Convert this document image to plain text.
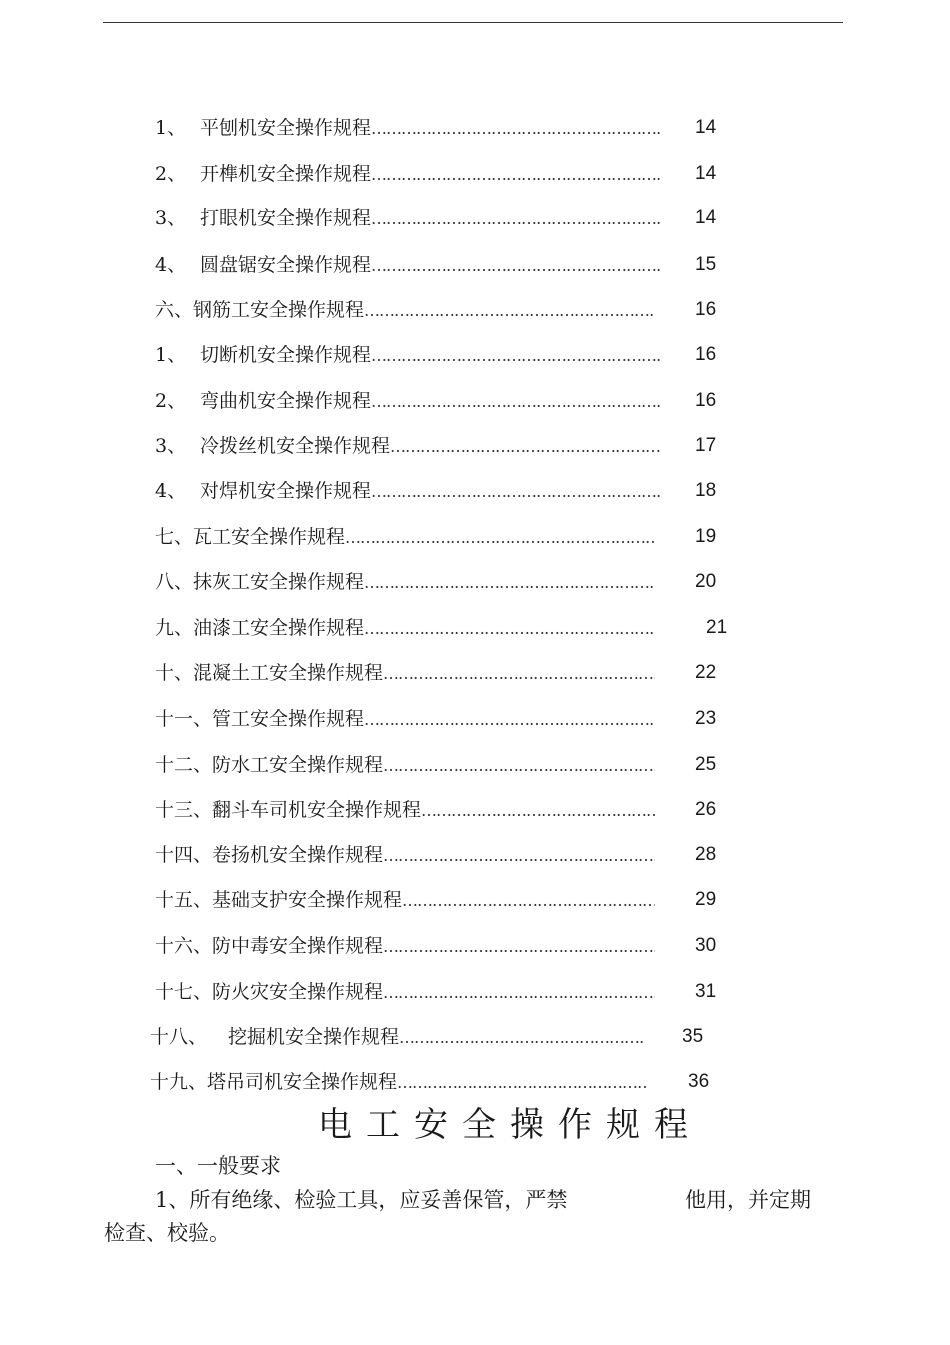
1、 平刨机安全操作规程 ……………………………………………………………………	14
2、 开榫机安全操作规程 ……………………………………………………………………	14
3、 打眼机安全操作规程 ……………………………………………………………………	14
4、 圆盘锯安全操作规程 ……………………………………………………………………	15
六、钢筋工安全操作规程 ……………………………………………………………………	16
1、 切断机安全操作规程 ……………………………………………………………………	16
2、 弯曲机安全操作规程 ……………………………………………………………………	16
3、 冷拨丝机安全操作规程 ……………………………………………………………………	17
4、 对焊机安全操作规程 ……………………………………………………………………	18
七、瓦工安全操作规程 ……………………………………………………………………	19
八、抹灰工安全操作规程 ……………………………………………………………………	20
九、油漆工安全操作规程 ……………………………………………………………………	21
十、混凝土工安全操作规程 ……………………………………………………………………	22
十一、管工安全操作规程 ……………………………………………………………………	23
十二、防水工安全操作规程 ……………………………………………………………………	25
十三、翻斗车司机安全操作规程 ……………………………………………………………………	26
十四、卷扬机安全操作规程 ……………………………………………………………………	28
十五、基础支护安全操作规程 ……………………………………………………………………	29
十六、防中毒安全操作规程 ……………………………………………………………………	30
十七、防火灾安全操作规程 ……………………………………………………………………	31
十八、 挖掘机安全操作规程 ……………………………………………………………………	35
十九、塔吊司机安全操作规程 ……………………………………………………………………	36
电工安全操作规程
一、一般要求
1、所有绝缘、检验工具，应妥善保管，严禁	他用，并定期
检查、校验。
